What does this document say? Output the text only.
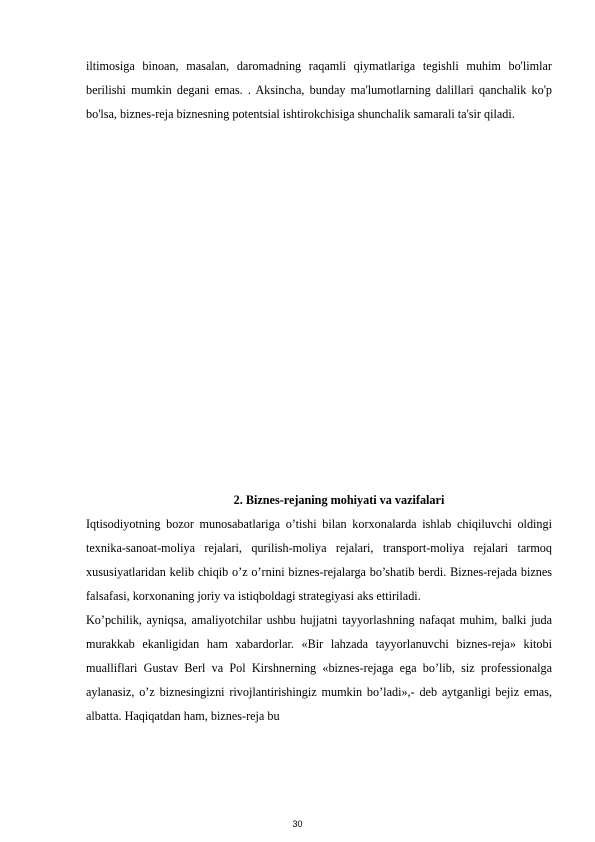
iltimosiga binoan, masalan, daromadning raqamli qiymatlariga tegishli muhim bo'limlar berilishi mumkin degani emas. . Aksincha, bunday ma'lumotlarning dalillari qanchalik ko'p bo'lsa, biznes-reja biznesning potentsial ishtirokchisiga shunchalik samarali ta'sir qiladi.

2. Biznes-rejaning mohiyati va vazifalari

Iqtisodiyotning bozor munosabatlariga o’tishi bilan korxonalarda ishlab chiqiluvchi oldingi texnika-sanoat-moliya rejalari, qurilish-moliya rejalari, transport-moliya rejalari tarmoq xususiyatlaridan kelib chiqib o’z o’rnini biznes-rejalarga bo’shatib berdi. Biznes-rejada biznes falsafasi, korxonaning joriy va istiqboldagi strategiyasi aks ettiriladi.

Ko’pchilik, ayniqsa, amaliyotchilar ushbu hujjatni tayyorlashning nafaqat muhim, balki juda murakkab ekanligidan ham xabardorlar. «Bir lahzada tayyorlanuvchi biznes-reja» kitobi mualliflari Gustav Berl va Pol Kirshnerning «biznes-rejaga ega bo’lib, siz professionalga aylanasiz, o’z biznesingizni rivojlantirishingiz mumkin bo’ladi»,- deb aytganligi bejiz emas, albatta. Haqiqatdan ham, biznes-reja bu

30
